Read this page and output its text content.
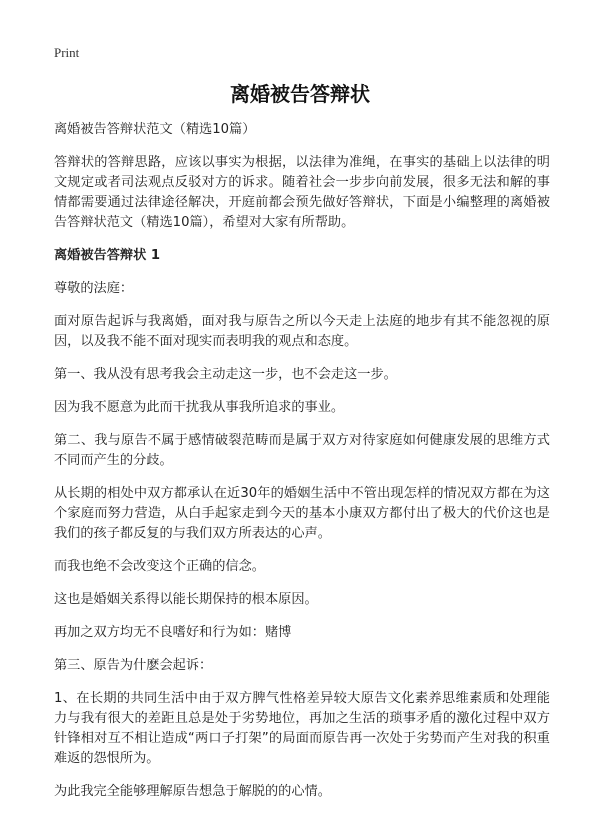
Print
离婚被告答辩状

离婚被告答辩状范文（精选10篇）

答辩状的答辩思路，应该以事实为根据，以法律为准绳，在事实的基础上以法律的明文规定或者司法观点反驳对方的诉求。随着社会一步步向前发展，很多无法和解的事情都需要通过法律途径解决，开庭前都会预先做好答辩状，下面是小编整理的离婚被告答辩状范文（精选10篇），希望对大家有所帮助。

离婚被告答辩状 1

尊敬的法庭：

面对原告起诉与我离婚，面对我与原告之所以今天走上法庭的地步有其不能忽视的原因，以及我不能不面对现实而表明我的观点和态度。

第一、我从没有思考我会主动走这一步，也不会走这一步。

因为我不愿意为此而干扰我从事我所追求的事业。

第二、我与原告不属于感情破裂范畴而是属于双方对待家庭如何健康发展的思维方式不同而产生的分歧。

从长期的相处中双方都承认在近30年的婚姻生活中不管出现怎样的情况双方都在为这个家庭而努力营造，从白手起家走到今天的基本小康双方都付出了极大的代价这也是我们的孩子都反复的与我们双方所表达的心声。

而我也绝不会改变这个正确的信念。

这也是婚姻关系得以能长期保持的根本原因。

再加之双方均无不良嗜好和行为如：赌博

第三、原告为什麽会起诉：

1、在长期的共同生活中由于双方脾气性格差异较大原告文化素养思维素质和处理能力与我有很大的差距且总是处于劣势地位，再加之生活的琐事矛盾的激化过程中双方针锋相对互不相让造成“两口子打架”的局面而原告再一次处于劣势而产生对我的积重难返的怨恨所为。

为此我完全能够理解原告想急于解脱的的心情。
